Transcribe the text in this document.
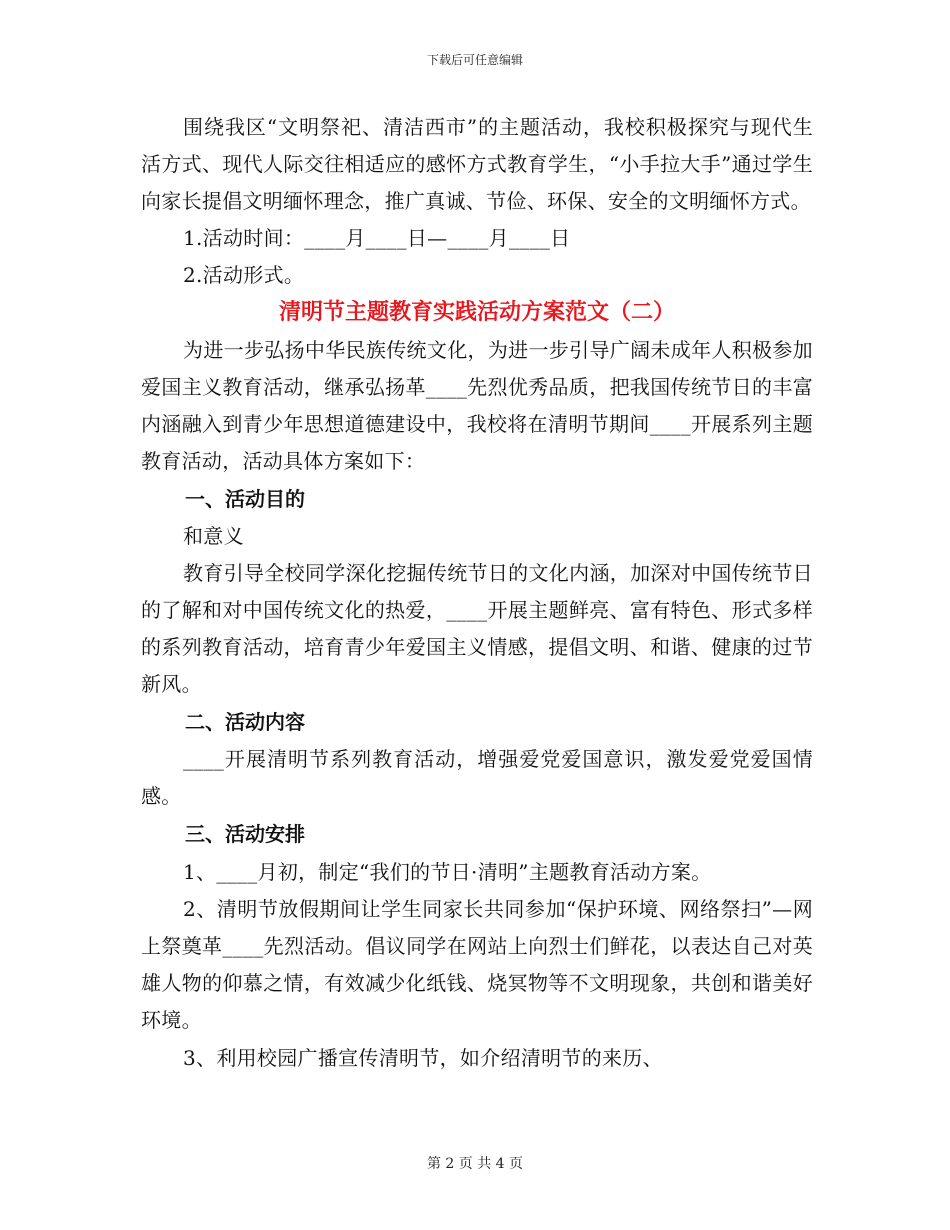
下载后可任意编辑

围绕我区“文明祭祀、清洁西市”的主题活动，我校积极探究与现代生活方式、现代人际交往相适应的感怀方式教育学生，“小手拉大手”通过学生向家长提倡文明缅怀理念，推广真诚、节俭、环保、安全的文明缅怀方式。

1.活动时间：____月____日—____月____日

2.活动形式。

清明节主题教育实践活动方案范文（二）

为进一步弘扬中华民族传统文化，为进一步引导广阔未成年人积极参加爱国主义教育活动，继承弘扬革____先烈优秀品质，把我国传统节日的丰富内涵融入到青少年思想道德建设中，我校将在清明节期间____开展系列主题教育活动，活动具体方案如下：

一、活动目的

和意义

教育引导全校同学深化挖掘传统节日的文化内涵，加深对中国传统节日的了解和对中国传统文化的热爱，____开展主题鲜亮、富有特色、形式多样的系列教育活动，培育青少年爱国主义情感，提倡文明、和谐、健康的过节新风。

二、活动内容

____开展清明节系列教育活动，增强爱党爱国意识，激发爱党爱国情感。

三、活动安排

1、____月初，制定“我们的节日·清明”主题教育活动方案。

2、清明节放假期间让学生同家长共同参加“保护环境、网络祭扫”—网上祭奠革____先烈活动。倡议同学在网站上向烈士们鲜花，以表达自己对英雄人物的仰慕之情，有效减少化纸钱、烧冥物等不文明现象，共创和谐美好环境。

3、利用校园广播宣传清明节，如介绍清明节的来历、

第 2 页 共 4 页
